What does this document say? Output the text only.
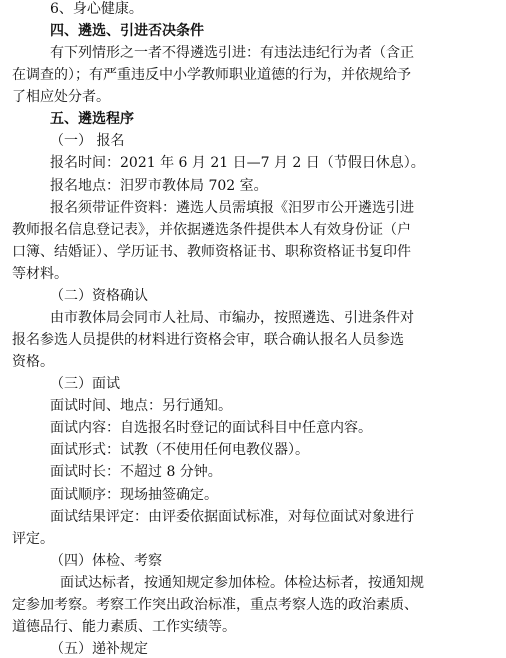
6、身心健康。
四、遴选、引进否决条件
有下列情形之一者不得遴选引进：有违法违纪行为者（含正
在调查的）；有严重违反中小学教师职业道德的行为，并依规给予
了相应处分者。
五、遴选程序
（一） 报名
报名时间：2021 年 6 月 21 日—7 月 2 日（节假日休息）。
报名地点：汨罗市教体局 702 室。
报名须带证件资料：遴选人员需填报《汨罗市公开遴选引进
教师报名信息登记表》，并依据遴选条件提供本人有效身份证（户
口簿、结婚证）、学历证书、教师资格证书、职称资格证书复印件
等材料。
（二）资格确认
由市教体局会同市人社局、市编办，按照遴选、引进条件对
报名参选人员提供的材料进行资格会审，联合确认报名人员参选
资格。
（三）面试
面试时间、地点：另行通知。
面试内容：自选报名时登记的面试科目中任意内容。
面试形式：试教（不使用任何电教仪器）。
面试时长：不超过 8 分钟。
面试顺序：现场抽签确定。
面试结果评定：由评委依据面试标准，对每位面试对象进行
评定。
（四）体检、考察
面试达标者，按通知规定参加体检。体检达标者，按通知规
定参加考察。考察工作突出政治标准，重点考察人选的政治素质、
道德品行、能力素质、工作实绩等。
（五）递补规定
